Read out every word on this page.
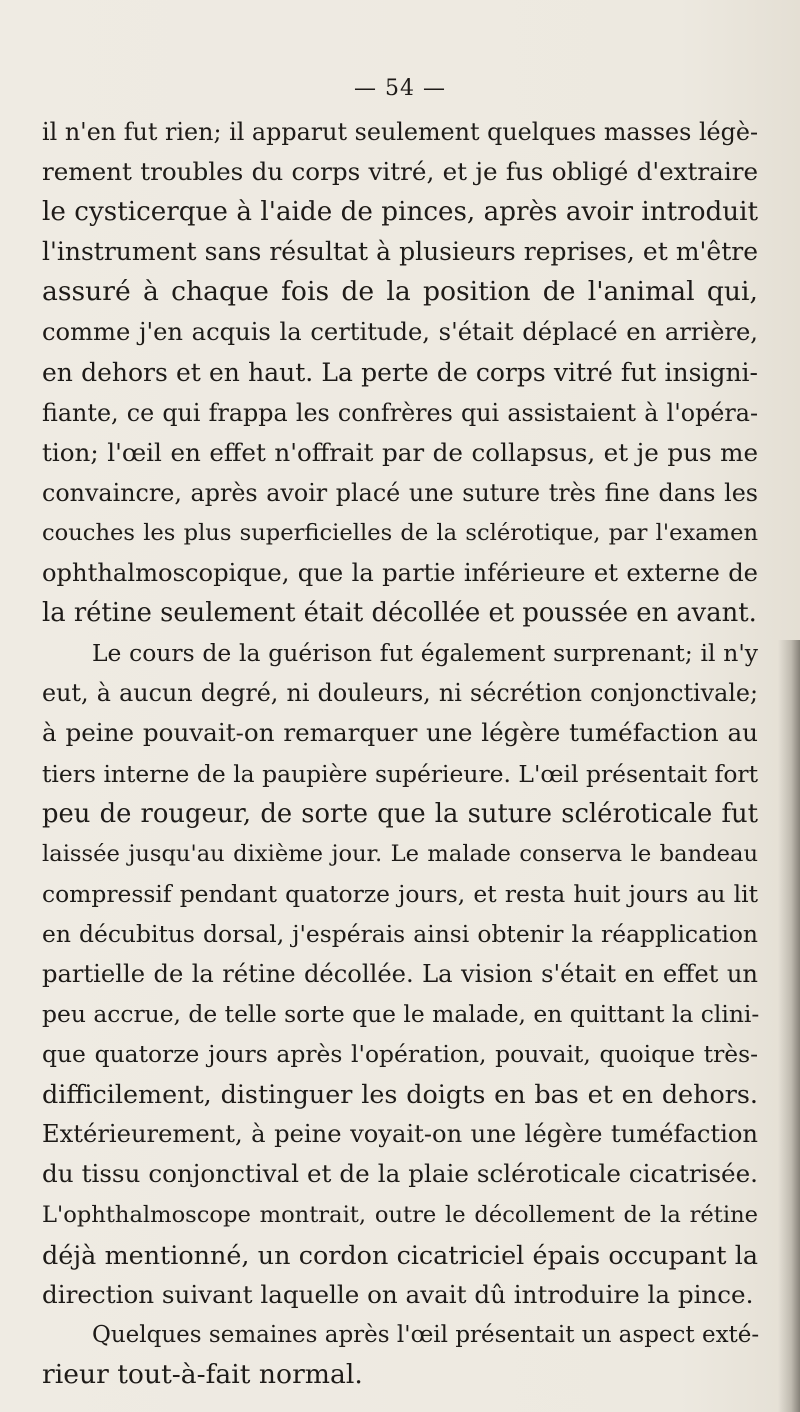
— 54 —
il n'en fut rien; il apparut seulement quelques masses légè-
rement troubles du corps vitré, et je fus obligé d'extraire
le cysticerque à l'aide de pinces, après avoir introduit
l'instrument sans résultat à plusieurs reprises, et m'être
assuré à chaque fois de la position de l'animal qui,
comme j'en acquis la certitude, s'était déplacé en arrière,
en dehors et en haut. La perte de corps vitré fut insigni-
fiante, ce qui frappa les confrères qui assistaient à l'opéra-
tion; l'œil en effet n'offrait par de collapsus, et je pus me
convaincre, après avoir placé une suture très fine dans les
couches les plus superficielles de la sclérotique, par l'examen
ophthalmoscopique, que la partie inférieure et externe de
la rétine seulement était décollée et poussée en avant.
Le cours de la guérison fut également surprenant; il n'y
eut, à aucun degré, ni douleurs, ni sécrétion conjonctivale;
à peine pouvait-on remarquer une légère tuméfaction au
tiers interne de la paupière supérieure. L'œil présentait fort
peu de rougeur, de sorte que la suture scléroticale fut
laissée jusqu'au dixième jour. Le malade conserva le bandeau
compressif pendant quatorze jours, et resta huit jours au lit
en décubitus dorsal, j'espérais ainsi obtenir la réapplication
partielle de la rétine décollée. La vision s'était en effet un
peu accrue, de telle sorte que le malade, en quittant la clini-
que quatorze jours après l'opération, pouvait, quoique très-
difficilement, distinguer les doigts en bas et en dehors.
Extérieurement, à peine voyait-on une légère tuméfaction
du tissu conjonctival et de la plaie scléroticale cicatrisée.
L'ophthalmoscope montrait, outre le décollement de la rétine
déjà mentionné, un cordon cicatriciel épais occupant la
direction suivant laquelle on avait dû introduire la pince.
Quelques semaines après l'œil présentait un aspect exté-
rieur tout-à-fait normal.
